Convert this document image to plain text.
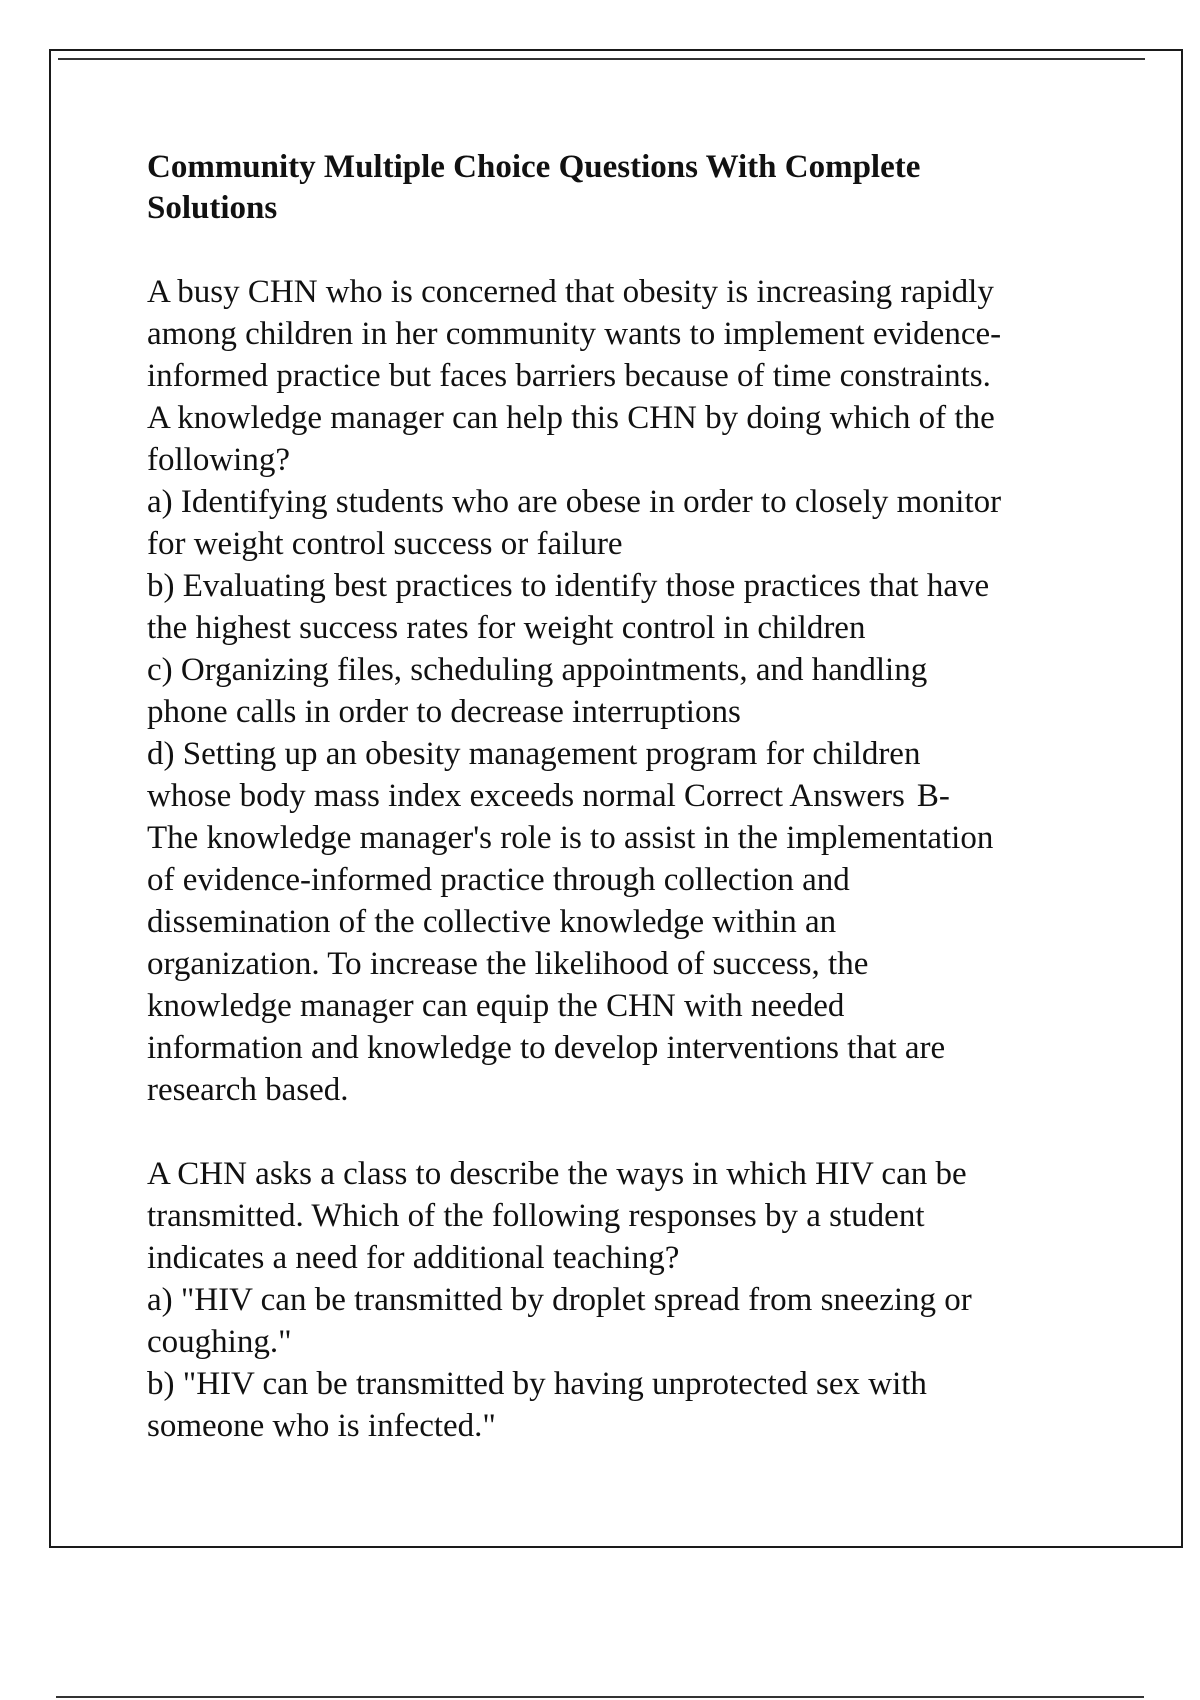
Community Multiple Choice Questions With Complete
Solutions

A busy CHN who is concerned that obesity is increasing rapidly

among children in her community wants to implement evidence-

informed practice but faces barriers because of time constraints.

A knowledge manager can help this CHN by doing which of the

following?

a) Identifying students who are obese in order to closely monitor

for weight control success or failure

b) Evaluating best practices to identify those practices that have

the highest success rates for weight control in children

c) Organizing files, scheduling appointments, and handling

phone calls in order to decrease interruptions

d) Setting up an obesity management program for children

whose body mass index exceeds normal Correct Answers B-

The knowledge manager's role is to assist in the implementation

of evidence-informed practice through collection and

dissemination of the collective knowledge within an

organization. To increase the likelihood of success, the

knowledge manager can equip the CHN with needed

information and knowledge to develop interventions that are

research based.

A CHN asks a class to describe the ways in which HIV can be

transmitted. Which of the following responses by a student

indicates a need for additional teaching?

a) "HIV can be transmitted by droplet spread from sneezing or

coughing."

b) "HIV can be transmitted by having unprotected sex with

someone who is infected."
